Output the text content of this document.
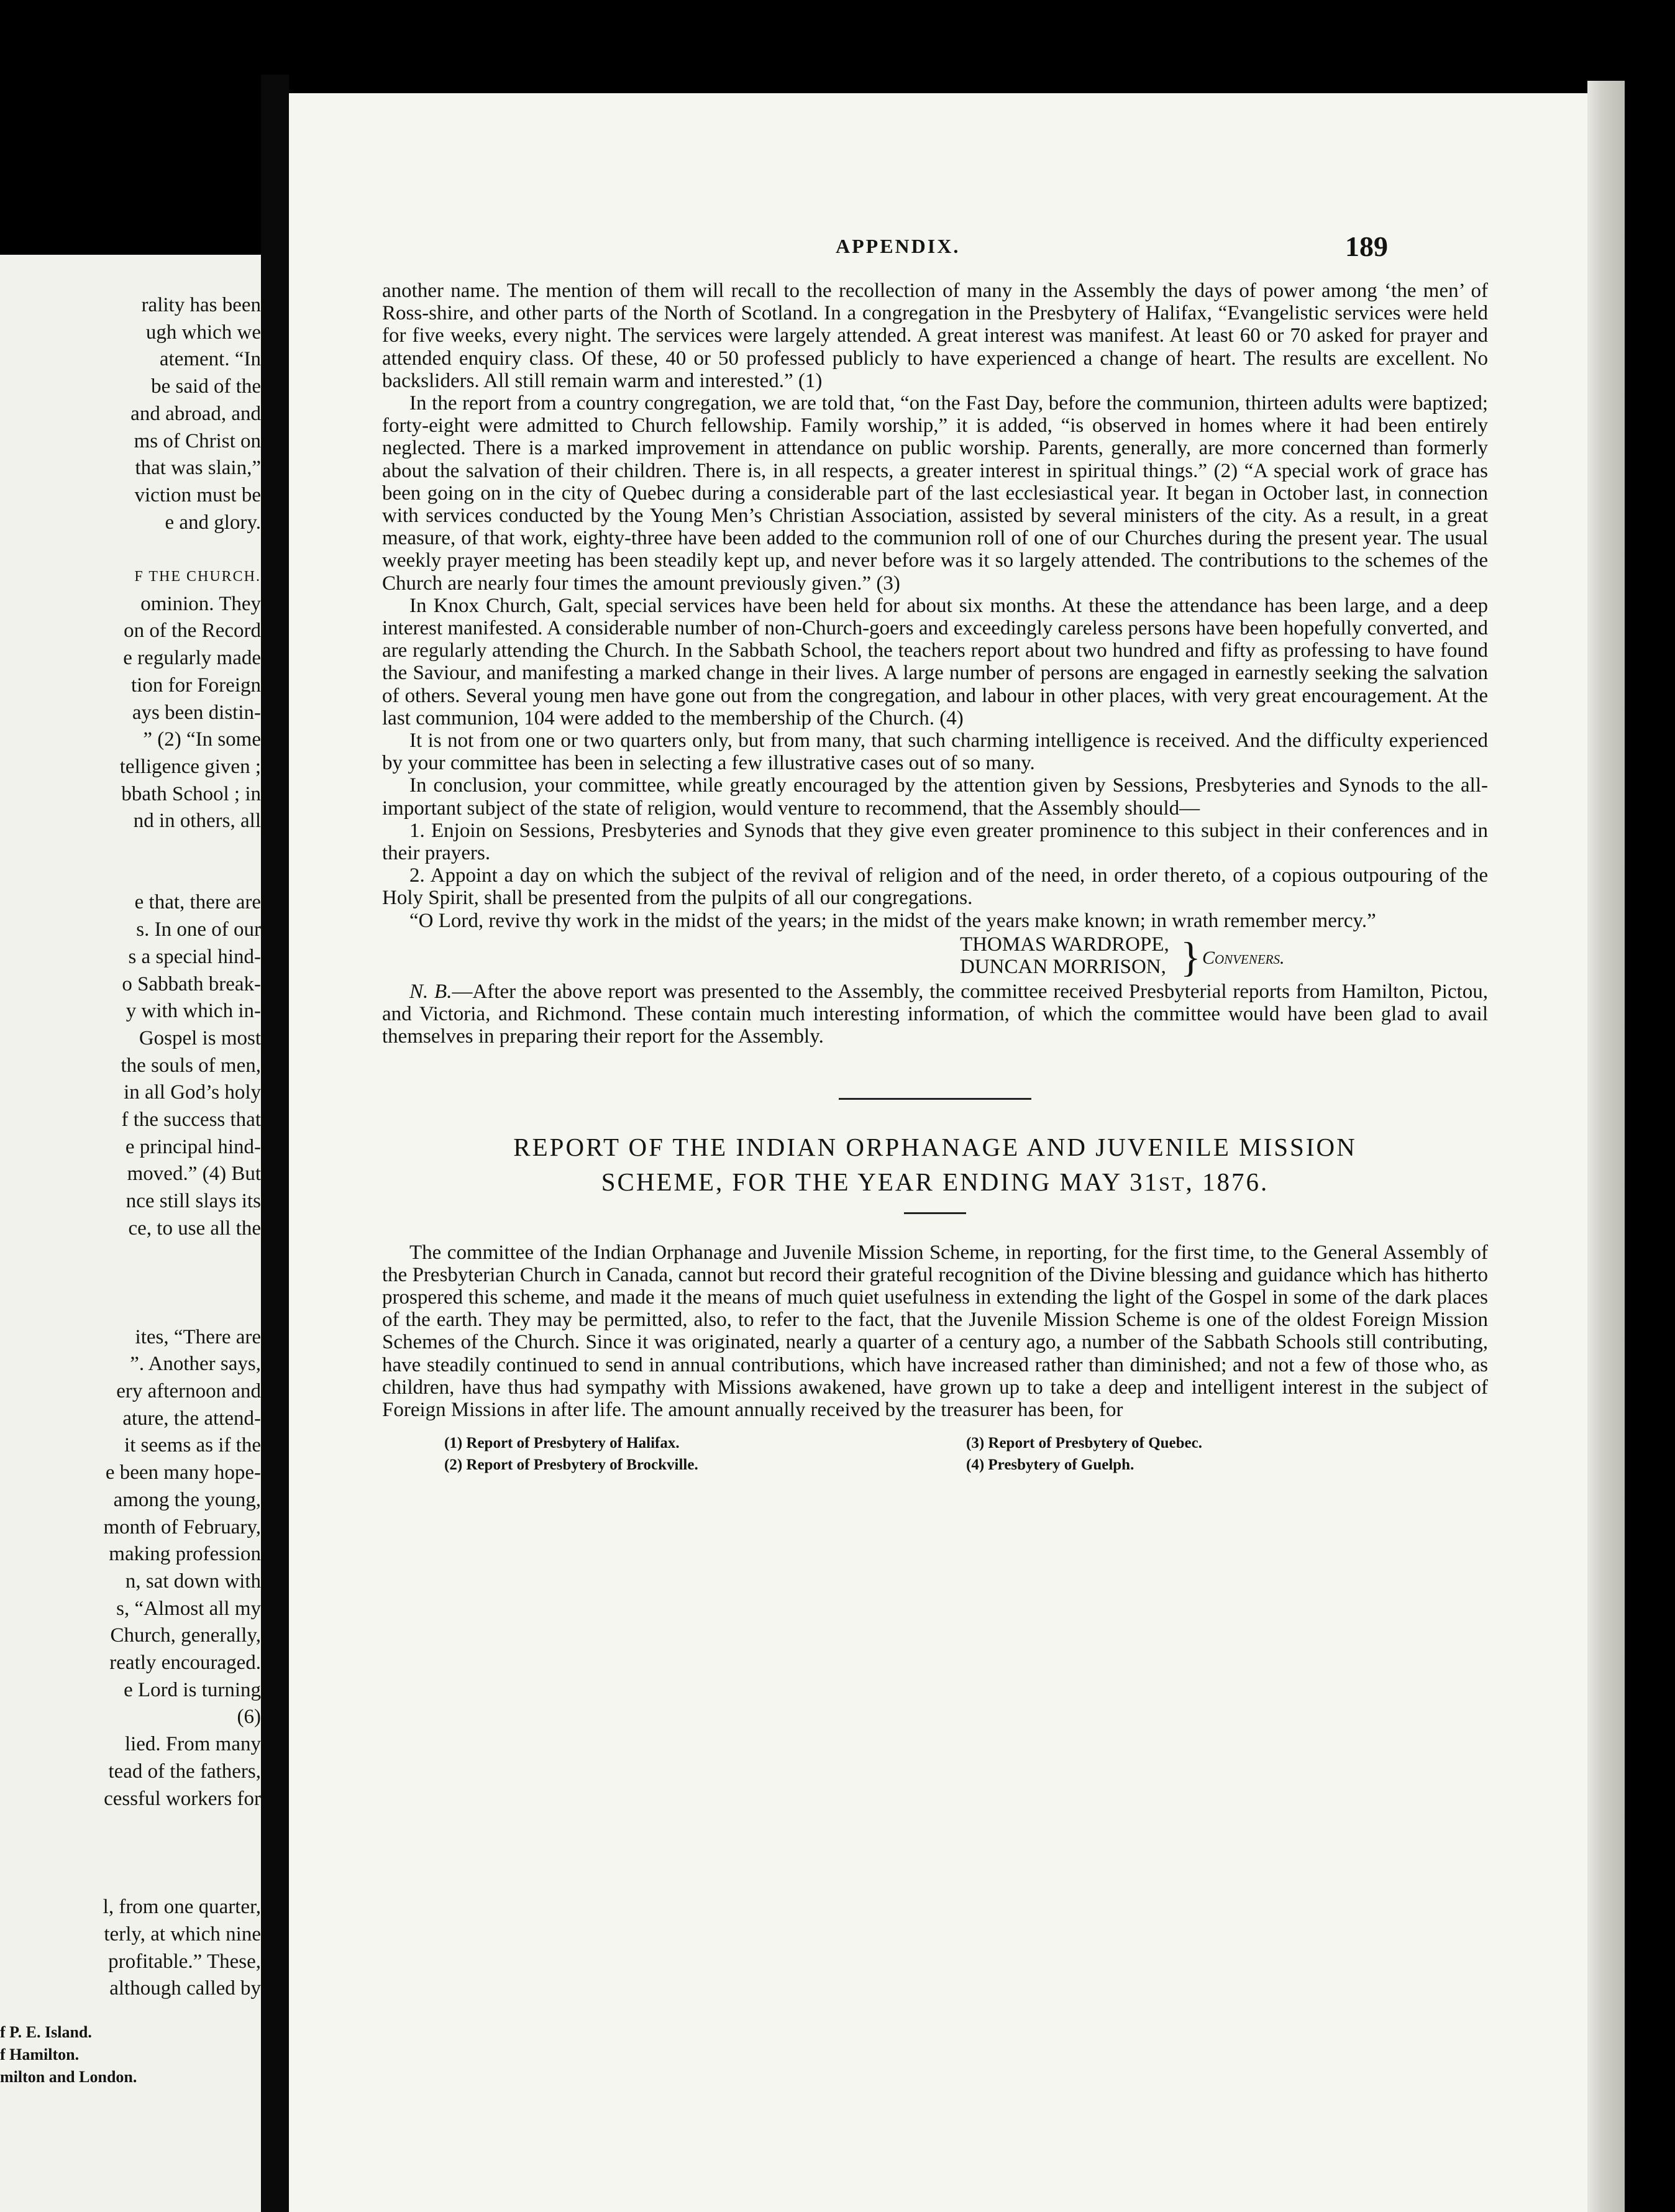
rality has been
ugh which we
atement. “In
be said of the
and abroad, and
ms of Christ on
that was slain,”
viction must be
e and glory.
F THE CHURCH.
ominion. They
on of the Record
e regularly made
tion for Foreign
ays been distin-
” (2) “In some
telligence given ;
bbath School ; in
nd in others, all
e that, there are
s. In one of our
s a special hind-
o Sabbath break-
y with which in-
Gospel is most
the souls of men,
in all God’s holy
f the success that
e principal hind-
moved.” (4) But
nce still slays its
ce, to use all the
ites, “There are
”. Another says,
ery afternoon and
ature, the attend-
it seems as if the
e been many hope-
among the young,
month of February,
making profession
n, sat down with
s, “Almost all my
Church, generally,
reatly encouraged.
e Lord is turning
(6)
lied. From many
tead of the fathers,
cessful workers for
l, from one quarter,
terly, at which nine
profitable.” These,
although called by
f P. E. Island.
f Hamilton.
milton and London.
APPENDIX.	189

another name. The mention of them will recall to the recollection of many in the Assembly the days of power among ‘the men’ of Ross-shire, and other parts of the North of Scotland. In a congregation in the Presbytery of Halifax, “Evangelistic services were held for five weeks, every night. The services were largely attended. A great interest was manifest. At least 60 or 70 asked for prayer and attended enquiry class. Of these, 40 or 50 professed publicly to have experienced a change of heart. The results are excellent. No backsliders. All still remain warm and interested.” (1)

In the report from a country congregation, we are told that, “on the Fast Day, before the communion, thirteen adults were baptized; forty-eight were admitted to Church fellowship. Family worship,” it is added, “is observed in homes where it had been entirely neglected. There is a marked improvement in attendance on public worship. Parents, generally, are more concerned than formerly about the salvation of their children. There is, in all respects, a greater interest in spiritual things.” (2) “A special work of grace has been going on in the city of Quebec during a considerable part of the last ecclesiastical year. It began in October last, in connection with services conducted by the Young Men’s Christian Association, assisted by several ministers of the city. As a result, in a great measure, of that work, eighty-three have been added to the communion roll of one of our Churches during the present year. The usual weekly prayer meeting has been steadily kept up, and never before was it so largely attended. The contributions to the schemes of the Church are nearly four times the amount previously given.” (3)

In Knox Church, Galt, special services have been held for about six months. At these the attendance has been large, and a deep interest manifested. A considerable number of non-Church-goers and exceedingly careless persons have been hopefully converted, and are regularly attending the Church. In the Sabbath School, the teachers report about two hundred and fifty as professing to have found the Saviour, and manifesting a marked change in their lives. A large number of persons are engaged in earnestly seeking the salvation of others. Several young men have gone out from the congregation, and labour in other places, with very great encouragement. At the last communion, 104 were added to the membership of the Church. (4)

It is not from one or two quarters only, but from many, that such charming intelligence is received. And the difficulty experienced by your committee has been in selecting a few illustrative cases out of so many.

In conclusion, your committee, while greatly encouraged by the attention given by Sessions, Presbyteries and Synods to the all-important subject of the state of religion, would venture to recommend, that the Assembly should—

1. Enjoin on Sessions, Presbyteries and Synods that they give even greater prominence to this subject in their conferences and in their prayers.

2. Appoint a day on which the subject of the revival of religion and of the need, in order thereto, of a copious outpouring of the Holy Spirit, shall be presented from the pulpits of all our congregations.

“O Lord, revive thy work in the midst of the years; in the midst of the years make known; in wrath remember mercy.”

THOMAS WARDROPE,
DUNCAN MORRISON, } Conveners.

N. B.—After the above report was presented to the Assembly, the committee received Presbyterial reports from Hamilton, Pictou, and Victoria, and Richmond. These contain much interesting information, of which the committee would have been glad to avail themselves in preparing their report for the Assembly.

REPORT OF THE INDIAN ORPHANAGE AND JUVENILE MISSION
SCHEME, FOR THE YEAR ENDING MAY 31ST, 1876.

The committee of the Indian Orphanage and Juvenile Mission Scheme, in reporting, for the first time, to the General Assembly of the Presbyterian Church in Canada, cannot but record their grateful recognition of the Divine blessing and guidance which has hitherto prospered this scheme, and made it the means of much quiet usefulness in extending the light of the Gospel in some of the dark places of the earth. They may be permitted, also, to refer to the fact, that the Juvenile Mission Scheme is one of the oldest Foreign Mission Schemes of the Church. Since it was originated, nearly a quarter of a century ago, a number of the Sabbath Schools still contributing, have steadily continued to send in annual contributions, which have increased rather than diminished; and not a few of those who, as children, have thus had sympathy with Missions awakened, have grown up to take a deep and intelligent interest in the subject of Foreign Missions in after life. The amount annually received by the treasurer has been, for

(1) Report of Presbytery of Halifax.
(2) Report of Presbytery of Brockville.
(3) Report of Presbytery of Quebec.
(4) Presbytery of Guelph.
